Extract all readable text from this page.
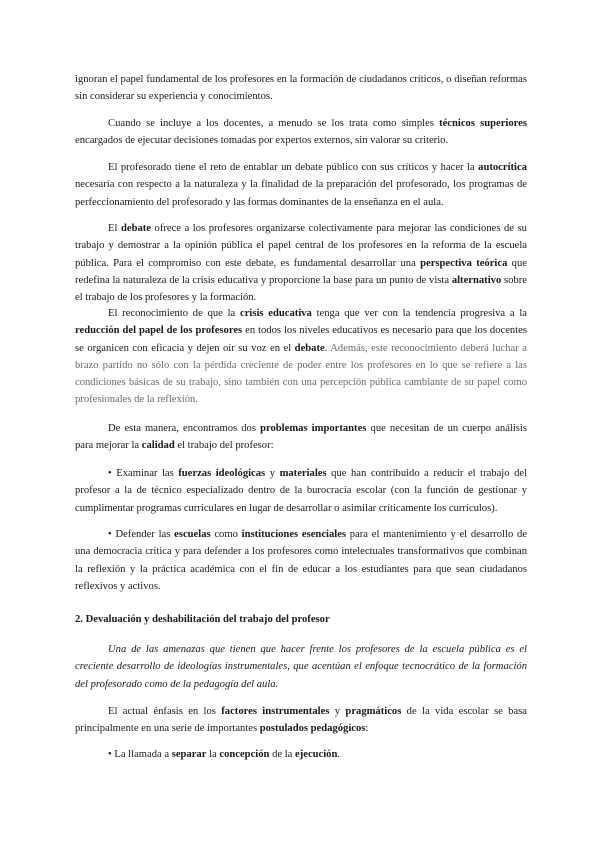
ignoran el papel fundamental de los profesores en la formación de ciudadanos críticos, o diseñan reformas sin considerar su experiencia y conocimientos.

Cuando se incluye a los docentes, a menudo se los trata como simples técnicos superiores encargados de ejecutar decisiones tomadas por expertos externos, sin valorar su criterio.

El profesorado tiene el reto de entablar un debate público con sus críticos y hacer la autocrítica necesaria con respecto a la naturaleza y la finalidad de la preparación del profesorado, los programas de perfeccionamiento del profesorado y las formas dominantes de la enseñanza en el aula.

El debate ofrece a los profesores organizarse colectivamente para mejorar las condiciones de su trabajo y demostrar a la opinión pública el papel central de los profesores en la reforma de la escuela pública. Para el compromiso con este debate, es fundamental desarrollar una perspectiva teórica que redefina la naturaleza de la crisis educativa y proporcione la base para un punto de vista alternativo sobre el trabajo de los profesores y la formación.

El reconocimiento de que la crisis educativa tenga que ver con la tendencia progresiva a la reducción del papel de los profesores en todos los niveles educativos es necesario para que los docentes se organicen con eficacia y dejen oír su voz en el debate. Además, este reconocimiento deberá luchar a brazo partido no sólo con la pérdida creciente de poder entre los profesores en lo que se refiere a las condiciones básicas de su trabajo, sino también con una percepción pública cambiante de su papel como profesionales de la reflexión.

De esta manera, encontramos dos problemas importantes que necesitan de un cuerpo análisis para mejorar la calidad el trabajo del profesor:

• Examinar las fuerzas ideológicas y materiales que han contribuido a reducir el trabajo del profesor a la de técnico especializado dentro de la burocracia escolar (con la función de gestionar y cumplimentar programas curriculares en lugar de desarrollar o asimilar críticamente los currículos).

• Defender las escuelas como instituciones esenciales para el mantenimiento y el desarrollo de una democracia crítica y para defender a los profesores como intelectuales transformativos que combinan la reflexión y la práctica académica con el fin de educar a los estudiantes para que sean ciudadanos reflexivos y activos.

2. Devaluación y deshabilitación del trabajo del profesor

Una de las amenazas que tienen que hacer frente los profesores de la escuela pública es el creciente desarrollo de ideologías instrumentales, que acentúan el enfoque tecnocrático de la formación del profesorado como de la pedagogía del aula.

El actual énfasis en los factores instrumentales y pragmáticos de la vida escolar se basa principalmente en una serie de importantes postulados pedagógicos:

• La llamada a separar la concepción de la ejecución.
